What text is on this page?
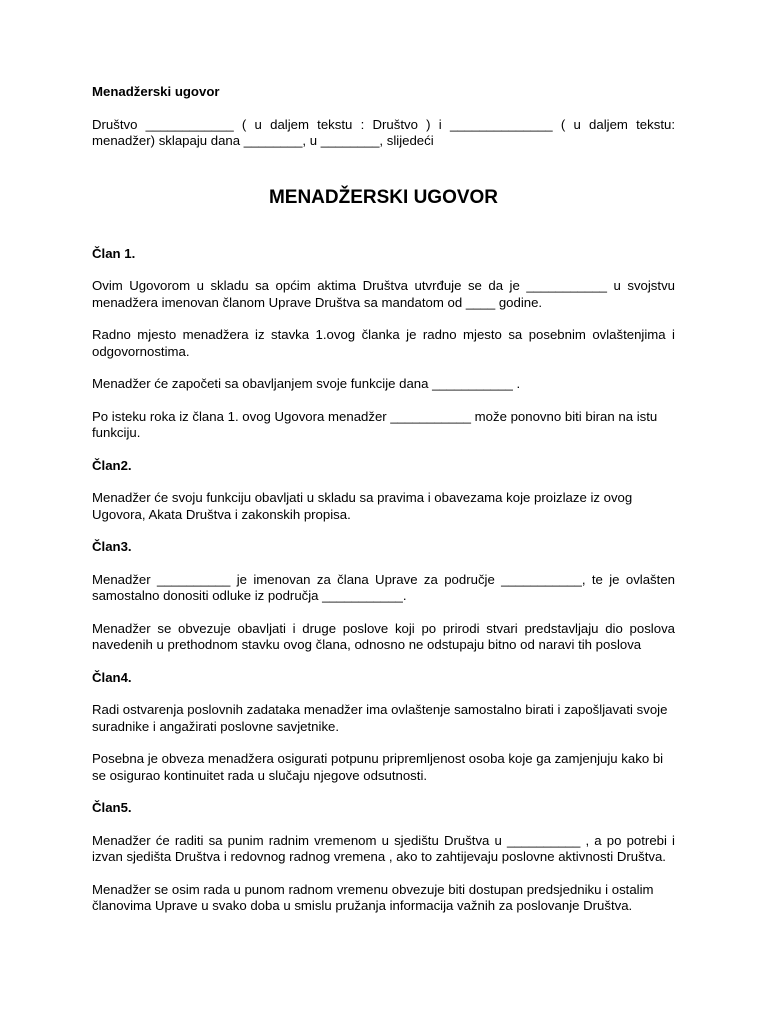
Menadžerski ugovor
Društvo ____________ ( u daljem tekstu : Društvo ) i ______________ ( u daljem tekstu: menadžer) sklapaju dana ________, u ________, slijedeći
MENADŽERSKI UGOVOR
Član 1.
Ovim Ugovorom u skladu sa općim aktima Društva utvrđuje se da je ___________ u svojstvu menadžera imenovan članom Uprave Društva sa mandatom od ____ godine.
Radno mjesto menadžera iz stavka 1.ovog članka je radno mjesto sa posebnim ovlaštenjima i odgovornostima.
Menadžer će započeti sa obavljanjem svoje funkcije dana ___________ .
Po isteku roka iz člana 1. ovog Ugovora menadžer ___________ može ponovno biti biran na istu funkciju.
Član2.
Menadžer će svoju funkciju obavljati u skladu sa pravima i obavezama koje proizlaze iz ovog Ugovora, Akata Društva i zakonskih propisa.
Član3.
Menadžer __________ je imenovan za člana Uprave za područje ___________, te je ovlašten samostalno donositi odluke iz područja ___________.
Menadžer se obvezuje obavljati i druge poslove koji po prirodi stvari predstavljaju dio poslova navedenih u prethodnom stavku ovog člana, odnosno ne odstupaju bitno od naravi tih poslova
Član4.
Radi ostvarenja poslovnih zadataka menadžer ima ovlaštenje samostalno birati i zapošljavati svoje suradnike i angažirati poslovne savjetnike.
Posebna je obveza menadžera osigurati potpunu pripremljenost osoba koje ga zamjenjuju kako bi se osigurao kontinuitet rada u slučaju njegove odsutnosti.
Član5.
Menadžer će raditi sa punim radnim vremenom u sjedištu Društva u __________ , a po potrebi i izvan sjedišta Društva i redovnog radnog vremena , ako to zahtijevaju poslovne aktivnosti Društva.
Menadžer se osim rada u punom radnom vremenu obvezuje biti dostupan predsjedniku i ostalim članovima Uprave u svako doba u smislu pružanja informacija važnih za poslovanje Društva.
